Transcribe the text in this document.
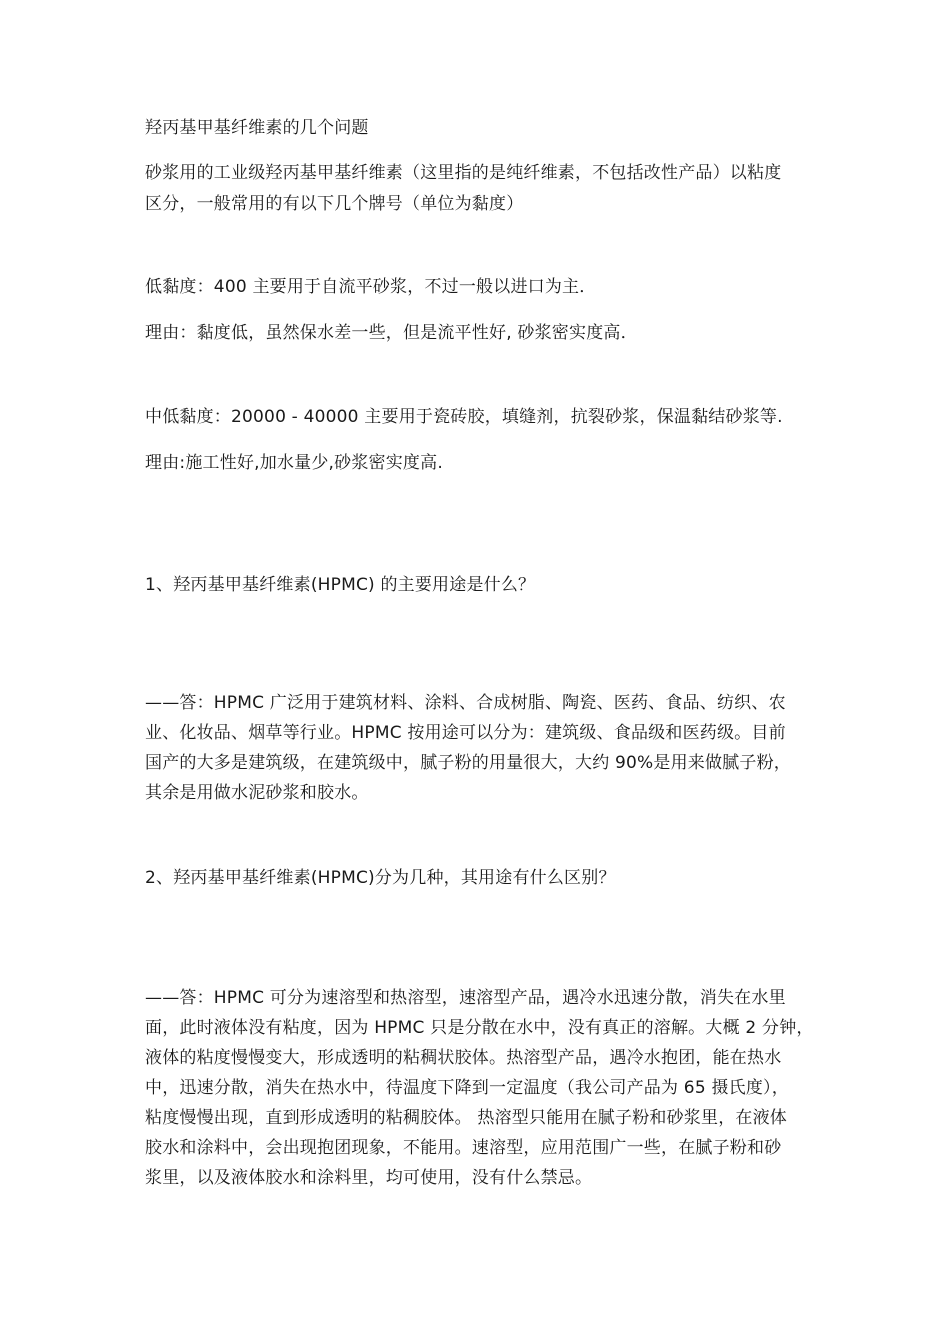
羟丙基甲基纤维素的几个问题
砂浆用的工业级羟丙基甲基纤维素（这里指的是纯纤维素，不包括改性产品）以粘度
区分，一般常用的有以下几个牌号（单位为黏度）
低黏度：400 主要用于自流平砂浆，不过一般以进口为主．
理由：黏度低，虽然保水差一些，但是流平性好, 砂浆密实度高．
中低黏度：20000 - 40000 主要用于瓷砖胶，填缝剂，抗裂砂浆，保温黏结砂浆等.
理由:施工性好,加水量少,砂浆密实度高.
1、羟丙基甲基纤维素(HPMC) 的主要用途是什么？
——答：HPMC 广泛用于建筑材料、涂料、合成树脂、陶瓷、医药、食品、纺织、农
业、化妆品、烟草等行业。HPMC 按用途可以分为：建筑级、食品级和医药级。目前
国产的大多是建筑级，在建筑级中，腻子粉的用量很大，大约 90%是用来做腻子粉，
其余是用做水泥砂浆和胶水。
2、羟丙基甲基纤维素(HPMC)分为几种，其用途有什么区别？
——答：HPMC 可分为速溶型和热溶型，速溶型产品，遇冷水迅速分散，消失在水里
面，此时液体没有粘度，因为 HPMC 只是分散在水中，没有真正的溶解。大概 2 分钟，
液体的粘度慢慢变大，形成透明的粘稠状胶体。热溶型产品，遇冷水抱团，能在热水
中，迅速分散，消失在热水中，待温度下降到一定温度（我公司产品为 65 摄氏度），
粘度慢慢出现，直到形成透明的粘稠胶体。 热溶型只能用在腻子粉和砂浆里，在液体
胶水和涂料中，会出现抱团现象，不能用。速溶型，应用范围广一些，在腻子粉和砂
浆里，以及液体胶水和涂料里，均可使用，没有什么禁忌。
